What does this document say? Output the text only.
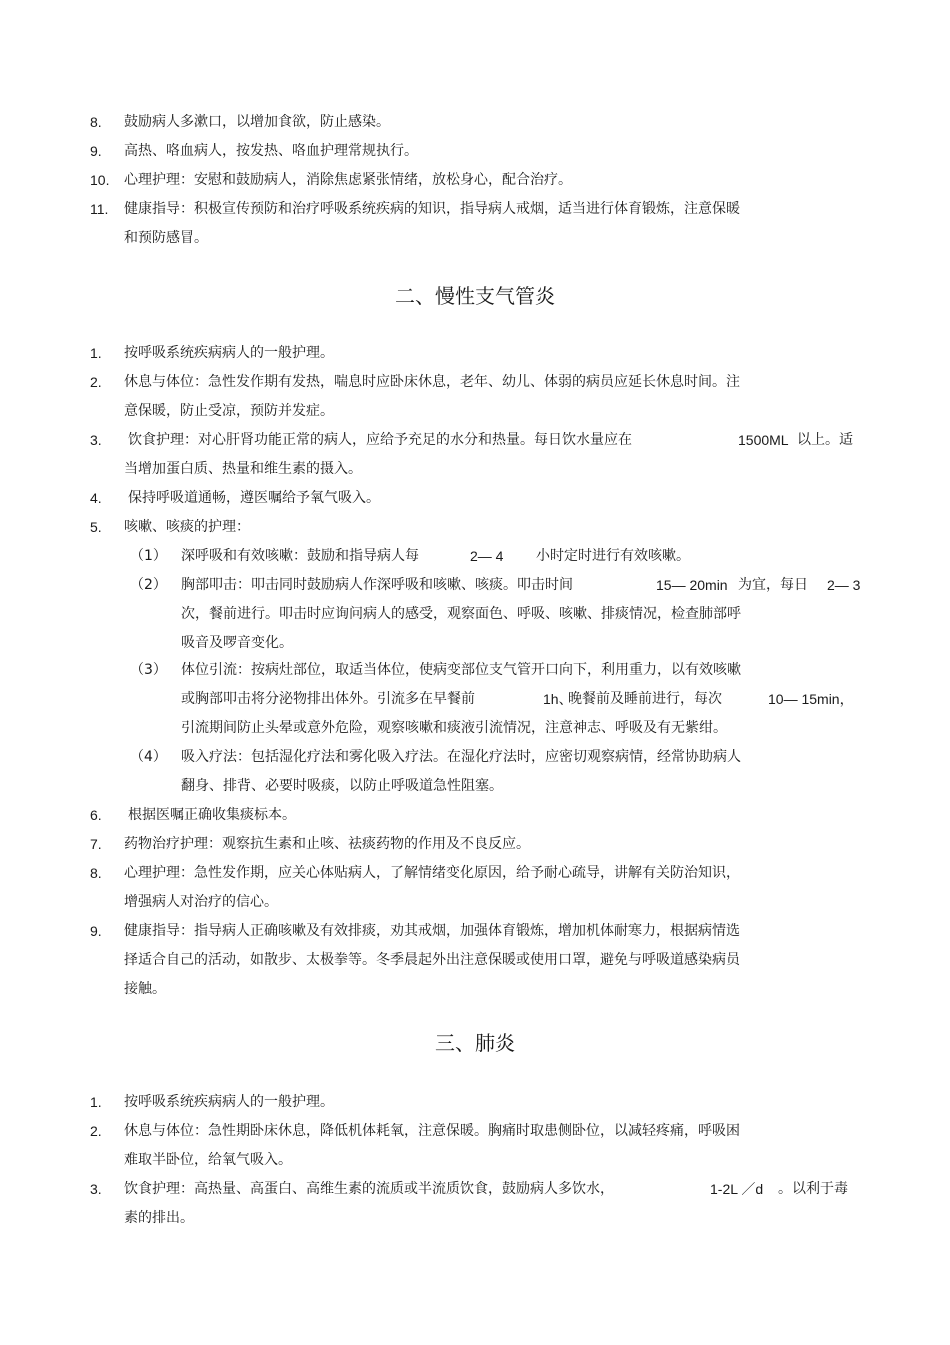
8. 鼓励病人多漱口，以增加食欲，防止感染。
9. 高热、咯血病人，按发热、咯血护理常规执行。
10. 心理护理：安慰和鼓励病人，消除焦虑紧张情绪，放松身心，配合治疗。
11. 健康指导：积极宣传预防和治疗呼吸系统疾病的知识，指导病人戒烟，适当进行体育锻炼，注意保暖
和预防感冒。
二、慢性支气管炎
1. 按呼吸系统疾病病人的一般护理。
2. 休息与体位：急性发作期有发热，喘息时应卧床休息，老年、幼儿、体弱的病员应延长休息时间。注
意保暖，防止受凉，预防并发症。
3. 饮食护理：对心肝肾功能正常的病人，应给予充足的水分和热量。每日饮水量应在	1500ML 以上。适
当增加蛋白质、热量和维生素的摄入。
4. 保持呼吸道通畅，遵医嘱给予氧气吸入。
5. 咳嗽、咳痰的护理：
（1） 深呼吸和有效咳嗽：鼓励和指导病人每	2— 4 小时定时进行有效咳嗽。
（2） 胸部叩击：叩击同时鼓励病人作深呼吸和咳嗽、咳痰。叩击时间	15— 20min 为宜，每日 2— 3
次，餐前进行。叩击时应询问病人的感受，观察面色、呼吸、咳嗽、排痰情况，检查肺部呼
吸音及啰音变化。
（3） 体位引流：按病灶部位，取适当体位，使病变部位支气管开口向下，利用重力，以有效咳嗽
或胸部叩击将分泌物排出体外。引流多在早餐前	1h、
晚餐前及睡前进行，每次	10— 15min，
引流期间防止头晕或意外危险，观察咳嗽和痰液引流情况，注意神志、呼吸及有无紫绀。
（4） 吸入疗法：包括湿化疗法和雾化吸入疗法。在湿化疗法时，应密切观察病情，经常协助病人
翻身、排背、必要时吸痰，以防止呼吸道急性阻塞。
6. 根据医嘱正确收集痰标本。
7. 药物治疗护理：观察抗生素和止咳、祛痰药物的作用及不良反应。
8. 心理护理：急性发作期，应关心体贴病人，了解情绪变化原因，给予耐心疏导，讲解有关防治知识，
增强病人对治疗的信心。
9. 健康指导：指导病人正确咳嗽及有效排痰，劝其戒烟，加强体育锻炼，增加机体耐寒力，根据病情选
择适合自己的活动，如散步、太极拳等。冬季晨起外出注意保暖或使用口罩，避免与呼吸道感染病员
接触。
三、肺炎
1. 按呼吸系统疾病病人的一般护理。
2. 休息与体位：急性期卧床休息，降低机体耗氧，注意保暖。胸痛时取患侧卧位，以减轻疼痛，呼吸困
难取半卧位，给氧气吸入。
3. 饮食护理：高热量、高蛋白、高维生素的流质或半流质饮食，鼓励病人多饮水，	1-2L ／d 。以利于毒
素的排出。
